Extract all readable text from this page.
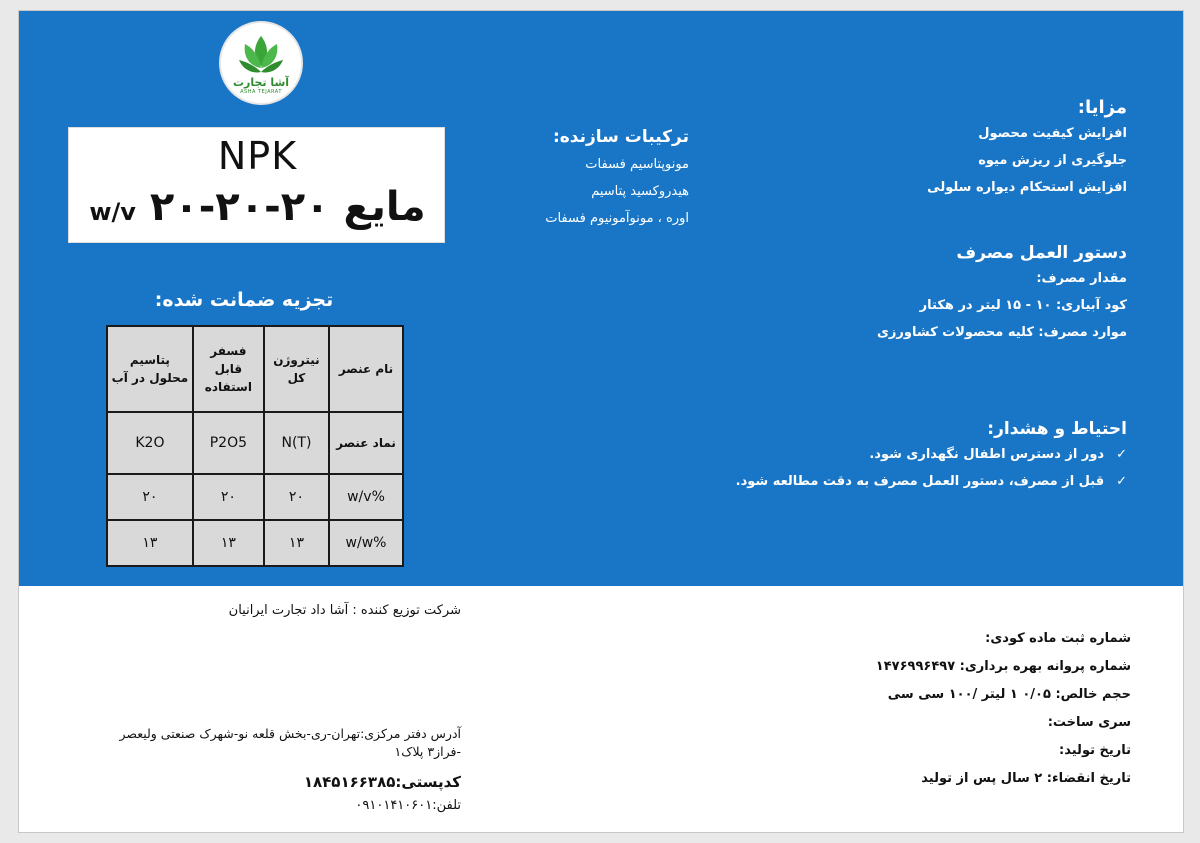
آشا تجارت
ASHA TEJARAT
NPK
w/v ۲۰-۲۰-۲۰ مایع
ترکیبات سازنده:
مونوپتاسیم فسفات
هیدروکسید پتاسیم
اوره ، مونوآمونیوم فسفات
مزایا:
افزایش کیفیت محصول
جلوگیری از ریزش میوه
افزایش استحکام دیواره سلولی
دستور العمل مصرف
مقدار مصرف:
کود آبیاری: ۱۰ - ۱۵ لیتر در هکتار
موارد مصرف: کلیه محصولات کشاورزی
احتیاط و هشدار:
✓دور از دسترس اطفال نگهداری شود.
✓قبل از مصرف، دستور العمل مصرف به دقت مطالعه شود.
تجزیه ضمانت شده:
نام عنصر	نیتروژن کل	فسفر قابل استفاده	پتاسیم محلول در آب
نماد عنصر	N(T)	P2O5	K2O
%w/v	۲۰	۲۰	۲۰
%w/w	۱۳	۱۳	۱۳
شرکت توزیع کننده : آشا داد تجارت ایرانیان
آدرس دفتر مرکزی:تهران-ری-بخش قلعه نو-شهرک صنعتی ولیعصر
-فراز۳ پلاک۱
کدپستی:۱۸۴۵۱۶۶۳۸۵
تلفن:۰۹۱۰۱۴۱۰۶۰۱
شماره ثبت ماده کودی:
شماره پروانه بهره برداری: ۱۴۷۶۹۹۶۴۹۷
حجم خالص: ۰/۰۵ ۱ لیتر /۱۰۰ سی سی
سری ساخت:
تاریخ تولید:
تاریخ انقضاء: ۲ سال پس از تولید
